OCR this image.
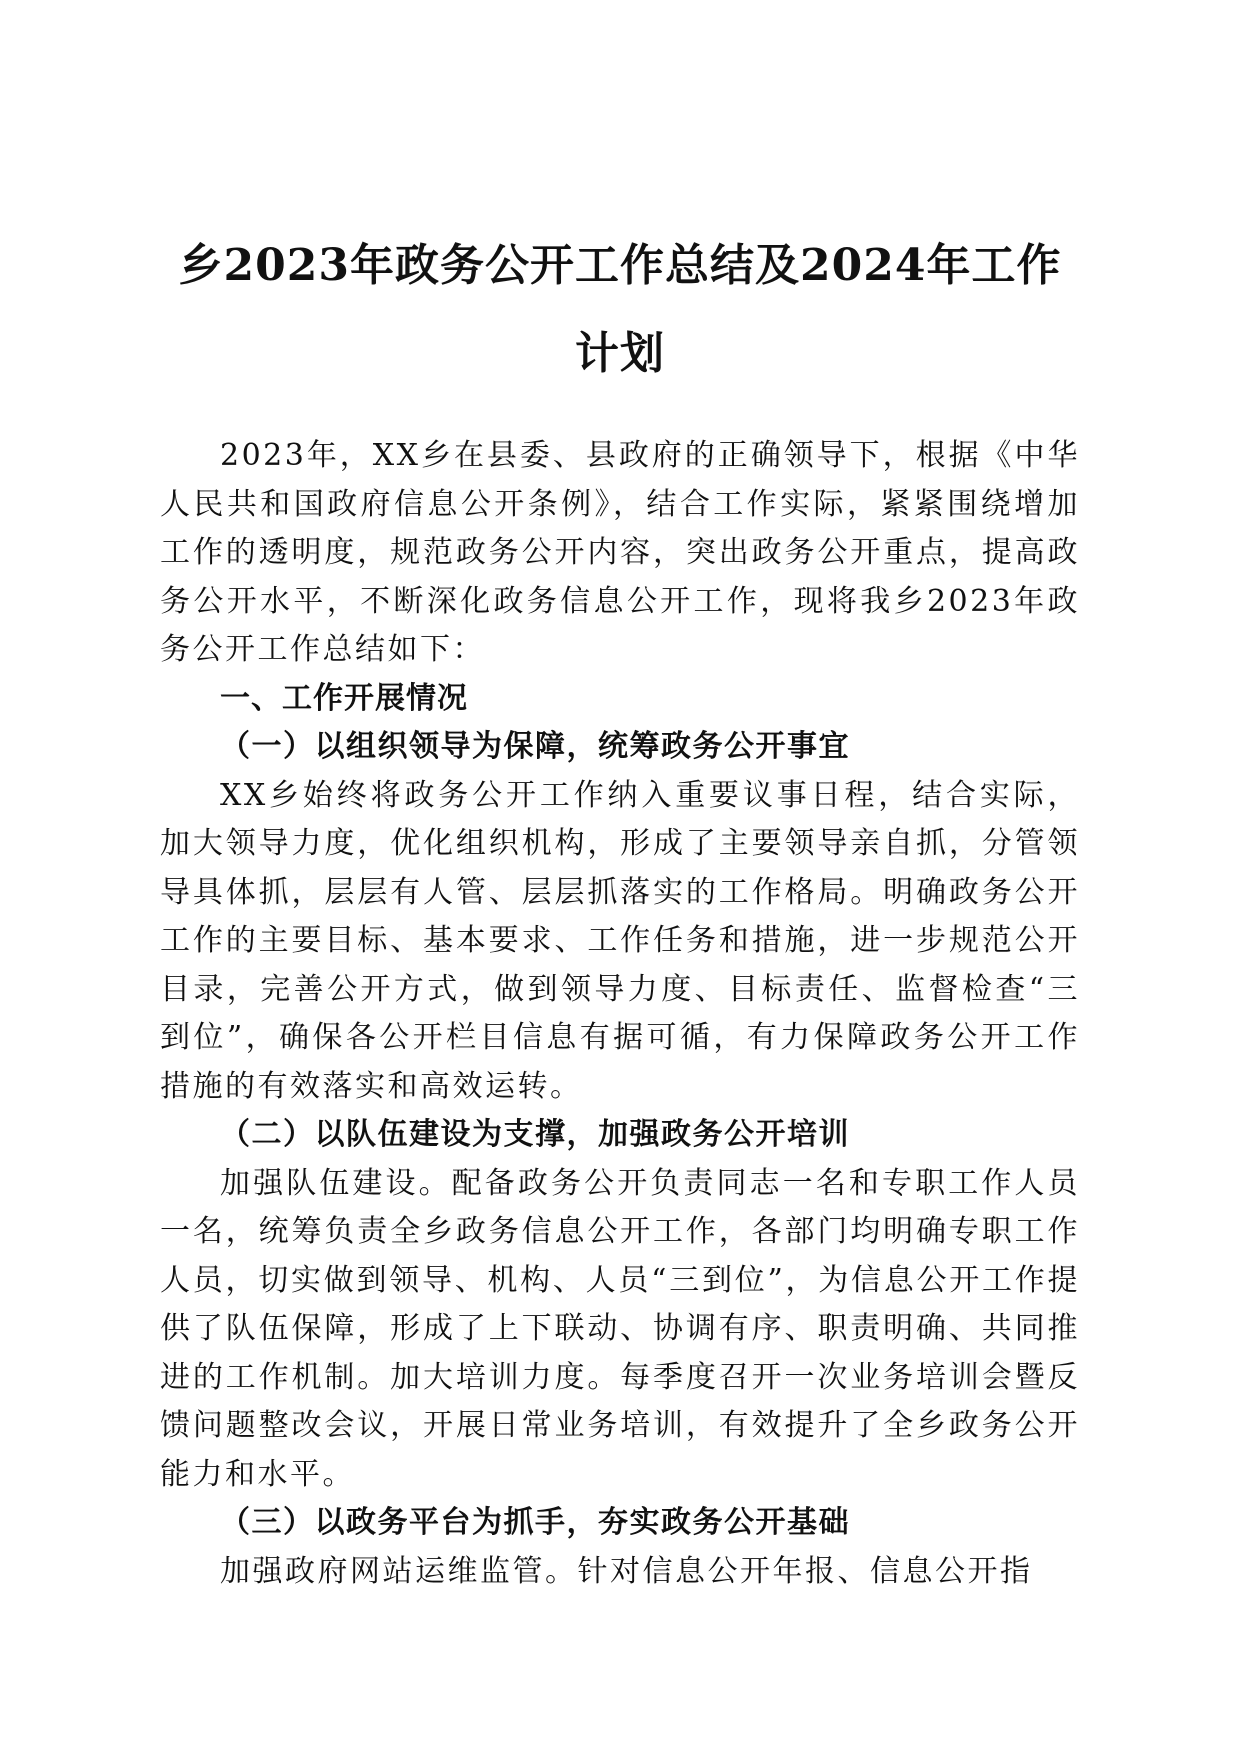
乡2023年政务公开工作总结及2024年工作计划

2023年，XX乡在县委、县政府的正确领导下，根据《中华人民共和国政府信息公开条例》，结合工作实际，紧紧围绕增加工作的透明度，规范政务公开内容，突出政务公开重点，提高政务公开水平，不断深化政务信息公开工作，现将我乡2023年政务公开工作总结如下：

一、工作开展情况

（一）以组织领导为保障，统筹政务公开事宜

XX乡始终将政务公开工作纳入重要议事日程，结合实际，加大领导力度，优化组织机构，形成了主要领导亲自抓，分管领导具体抓，层层有人管、层层抓落实的工作格局。明确政务公开工作的主要目标、基本要求、工作任务和措施，进一步规范公开目录，完善公开方式，做到领导力度、目标责任、监督检查“三到位”，确保各公开栏目信息有据可循，有力保障政务公开工作措施的有效落实和高效运转。

（二）以队伍建设为支撑，加强政务公开培训

加强队伍建设。配备政务公开负责同志一名和专职工作人员一名，统筹负责全乡政务信息公开工作，各部门均明确专职工作人员，切实做到领导、机构、人员“三到位”，为信息公开工作提供了队伍保障，形成了上下联动、协调有序、职责明确、共同推进的工作机制。加大培训力度。每季度召开一次业务培训会暨反馈问题整改会议，开展日常业务培训，有效提升了全乡政务公开能力和水平。

（三）以政务平台为抓手，夯实政务公开基础

加强政府网站运维监管。针对信息公开年报、信息公开指
